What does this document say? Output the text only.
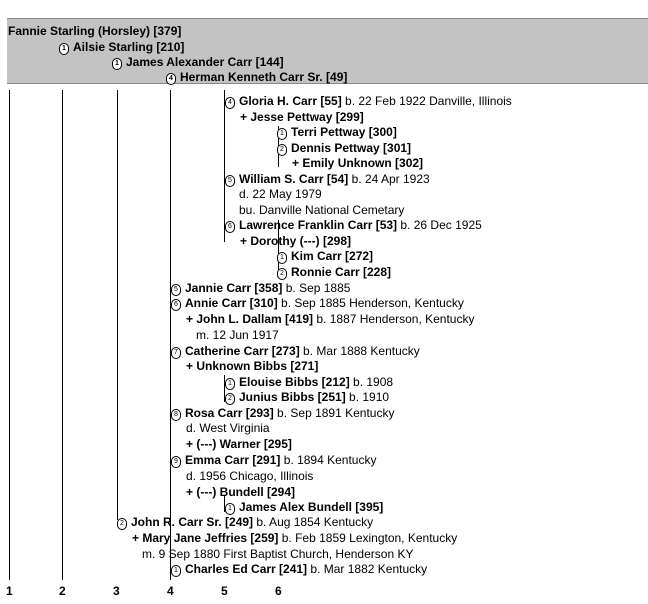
Fannie Starling (Horsley) [379]
1 Ailsie Starling [210]
1 James Alexander Carr [144]
4 Herman Kenneth Carr Sr. [49]
4 Gloria H. Carr [55] b. 22 Feb 1922 Danville, Illinois
+ Jesse Pettway [299]
1 Terri Pettway [300]
2 Dennis Pettway [301]
+ Emily Unknown [302]
5 William S. Carr [54] b. 24 Apr 1923
d. 22 May 1979
bu. Danville National Cemetary
6 Lawrence Franklin Carr [53] b. 26 Dec 1925
+ Dorothy (---) [298]
1 Kim Carr [272]
2 Ronnie Carr [228]
5 Jannie Carr [358] b. Sep 1885
6 Annie Carr [310] b. Sep 1885 Henderson, Kentucky
+ John L. Dallam [419] b. 1887 Henderson, Kentucky
m. 12 Jun 1917
7 Catherine Carr [273] b. Mar 1888 Kentucky
+ Unknown Bibbs [271]
1 Elouise Bibbs [212] b. 1908
2 Junius Bibbs [251] b. 1910
8 Rosa Carr [293] b. Sep 1891 Kentucky
d. West Virginia
+ (---) Warner [295]
9 Emma Carr [291] b. 1894 Kentucky
d. 1956 Chicago, Illinois
+ (---) Bundell [294]
1 James Alex Bundell [395]
2 John R. Carr Sr. [249] b. Aug 1854 Kentucky
+ Mary Jane Jeffries [259] b. Feb 1859 Lexington, Kentucky
m. 9 Sep 1880 First Baptist Church, Henderson KY
1 Charles Ed Carr [241] b. Mar 1882 Kentucky
1	2	3	4	5	6
